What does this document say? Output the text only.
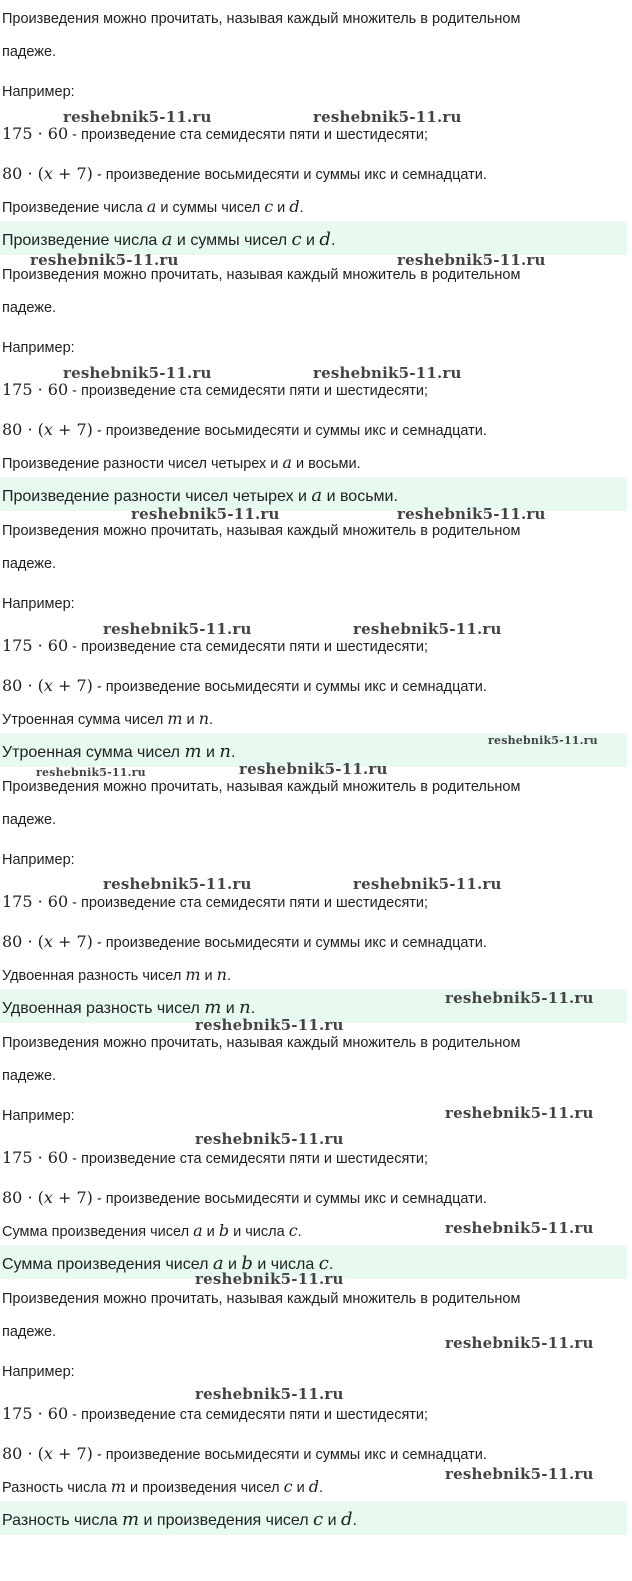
Произведения можно прочитать, называя каждый множитель в родительном
падеже.
Например:
175 · 60 - произведение ста семидесяти пяти и шестидесяти;
80 · (x + 7) - произведение восьмидесяти и суммы икс и семнадцати.
Произведение числа a и суммы чисел c и d.
Произведение числа a и суммы чисел c и d.
Произведения можно прочитать, называя каждый множитель в родительном
падеже.
Например:
175 · 60 - произведение ста семидесяти пяти и шестидесяти;
80 · (x + 7) - произведение восьмидесяти и суммы икс и семнадцати.
Произведение разности чисел четырех и a и восьми.
Произведение разности чисел четырех и a и восьми.
Произведения можно прочитать, называя каждый множитель в родительном
падеже.
Например:
175 · 60 - произведение ста семидесяти пяти и шестидесяти;
80 · (x + 7) - произведение восьмидесяти и суммы икс и семнадцати.
Утроенная сумма чисел m и n.
Утроенная сумма чисел m и n.
Произведения можно прочитать, называя каждый множитель в родительном
падеже.
Например:
175 · 60 - произведение ста семидесяти пяти и шестидесяти;
80 · (x + 7) - произведение восьмидесяти и суммы икс и семнадцати.
Удвоенная разность чисел m и n.
Удвоенная разность чисел m и n.
Произведения можно прочитать, называя каждый множитель в родительном
падеже.
Например:
175 · 60 - произведение ста семидесяти пяти и шестидесяти;
80 · (x + 7) - произведение восьмидесяти и суммы икс и семнадцати.
Сумма произведения чисел a и b и числа c.
Сумма произведения чисел a и b и числа c.
Произведения можно прочитать, называя каждый множитель в родительном
падеже.
Например:
175 · 60 - произведение ста семидесяти пяти и шестидесяти;
80 · (x + 7) - произведение восьмидесяти и суммы икс и семнадцати.
Разность числа m и произведения чисел c и d.
Разность числа m и произведения чисел c и d.
reshebnik5-11.ru	reshebnik5-11.ru
reshebnik5-11.ru	reshebnik5-11.ru
reshebnik5-11.ru	reshebnik5-11.ru
reshebnik5-11.ru	reshebnik5-11.ru
reshebnik5-11.ru	reshebnik5-11.ru
reshebnik5-11.ru
reshebnik5-11.ru	reshebnik5-11.ru
reshebnik5-11.ru	reshebnik5-11.ru
reshebnik5-11.ru
reshebnik5-11.ru
reshebnik5-11.ru
reshebnik5-11.ru
reshebnik5-11.ru
reshebnik5-11.ru
reshebnik5-11.ru
reshebnik5-11.ru
reshebnik5-11.ru
